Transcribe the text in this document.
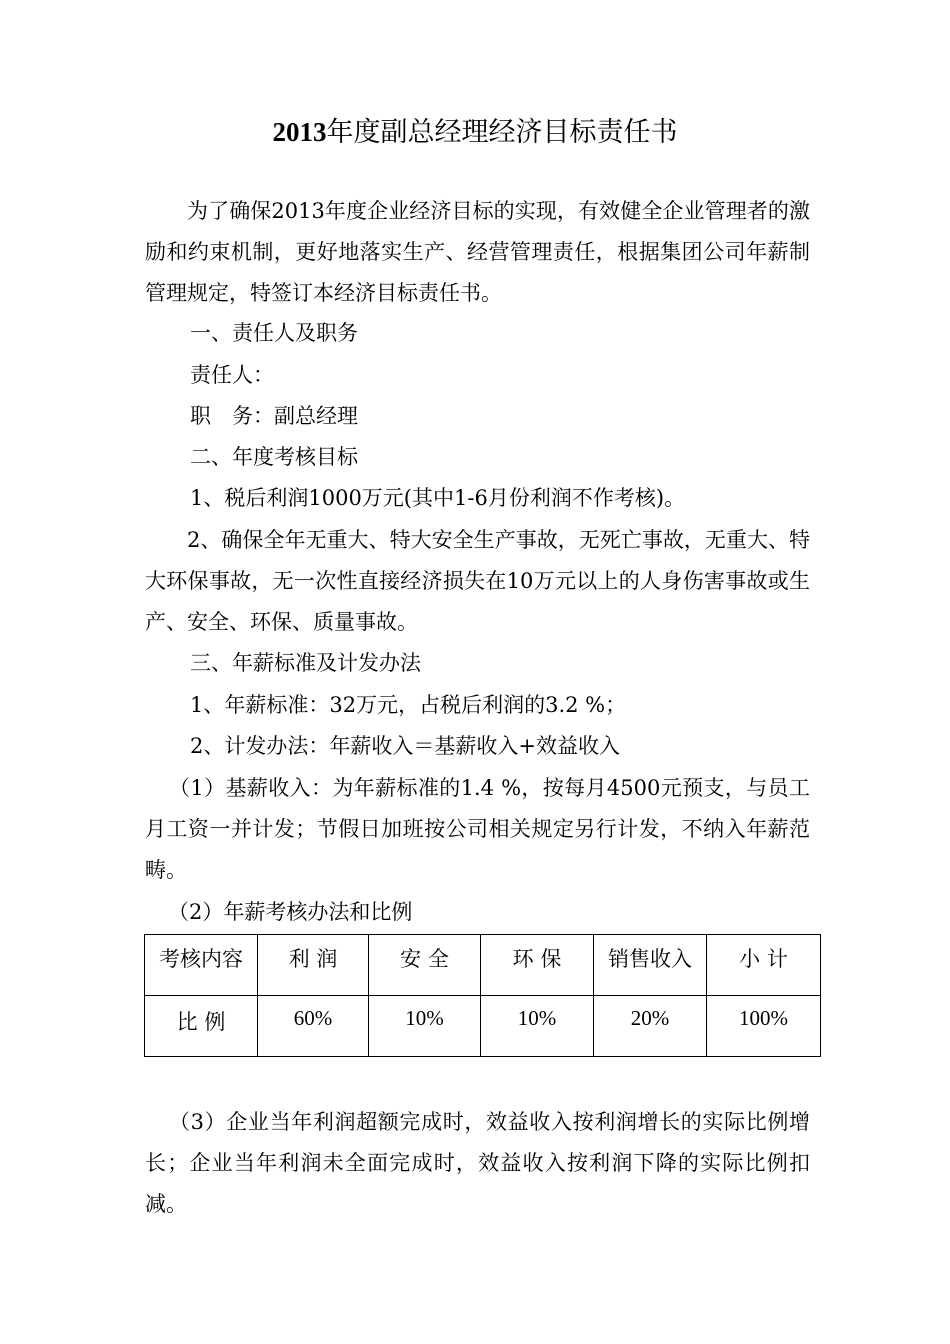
2013年度副总经理经济目标责任书

为了确保2013年度企业经济目标的实现，有效健全企业管理者的激励和约束机制，更好地落实生产、经营管理责任，根据集团公司年薪制管理规定，特签订本经济目标责任书。

一、责任人及职务
责任人：
职　务：副总经理
二、年度考核目标
1、税后利润1000万元(其中1-6月份利润不作考核)。

2、确保全年无重大、特大安全生产事故，无死亡事故，无重大、特大环保事故，无一次性直接经济损失在10万元以上的人身伤害事故或生产、安全、环保、质量事故。

三、年薪标准及计发办法
1、年薪标准：32万元，占税后利润的3.2 %；
2、计发办法：年薪收入＝基薪收入+效益收入

（1）基薪收入：为年薪标准的1.4 %，按每月4500元预支，与员工月工资一并计发；节假日加班按公司相关规定另行计发，不纳入年薪范畴。

（2）年薪考核办法和比例
考核内容	利 润	安 全	环 保	销售收入	小 计

比 例	60%	10%	10%	20%	100%

（3）企业当年利润超额完成时，效益收入按利润增长的实际比例增长；企业当年利润未全面完成时，效益收入按利润下降的实际比例扣减。
